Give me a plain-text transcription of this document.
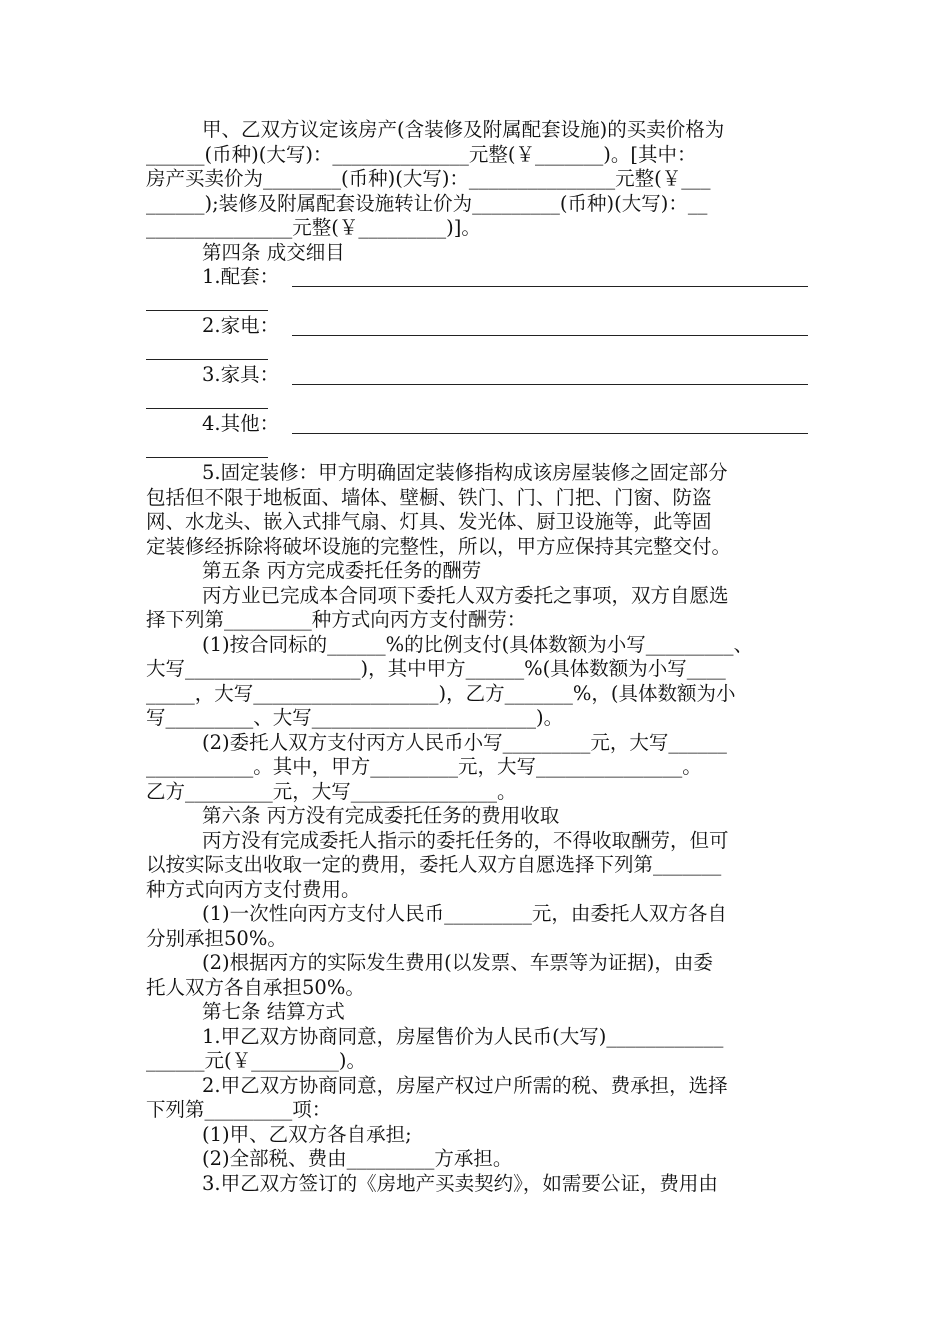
甲、乙双方议定该房产(含装修及附属配套设施)的买卖价格为
______(币种)(大写)：______________元整(￥_______)。[其中：
房产买卖价为________(币种)(大写)：_______________元整(￥___
______);装修及附属配套设施转让价为_________(币种)(大写)：__
_______________元整(￥_________)]。
第四条 成交细目
1.配套：
2.家电：
3.家具：
4.其他：
5.固定装修：甲方明确固定装修指构成该房屋装修之固定部分
包括但不限于地板面、墙体、壁橱、铁门、门、门把、门窗、防盗
网、水龙头、嵌入式排气扇、灯具、发光体、厨卫设施等，此等固
定装修经拆除将破坏设施的完整性，所以，甲方应保持其完整交付。
第五条 丙方完成委托任务的酬劳
丙方业已完成本合同项下委托人双方委托之事项，双方自愿选
择下列第_________种方式向丙方支付酬劳：
(1)按合同标的______%的比例支付(具体数额为小写_________、
大写__________________)，其中甲方______%(具体数额为小写____
_____，大写___________________)，乙方_______%，(具体数额为小
写_________、大写_______________________)。
(2)委托人双方支付丙方人民币小写_________元，大写______
___________。其中，甲方_________元，大写_______________。
乙方_________元，大写_______________。
第六条 丙方没有完成委托任务的费用收取
丙方没有完成委托人指示的委托任务的，不得收取酬劳，但可
以按实际支出收取一定的费用，委托人双方自愿选择下列第_______
种方式向丙方支付费用。
(1)一次性向丙方支付人民币_________元，由委托人双方各自
分别承担50%。
(2)根据丙方的实际发生费用(以发票、车票等为证据)，由委
托人双方各自承担50%。
第七条 结算方式
1.甲乙双方协商同意，房屋售价为人民币(大写)____________
______元(￥_________)。
2.甲乙双方协商同意，房屋产权过户所需的税、费承担，选择
下列第_________项：
(1)甲、乙双方各自承担;
(2)全部税、费由_________方承担。
3.甲乙双方签订的《房地产买卖契约》，如需要公证，费用由
